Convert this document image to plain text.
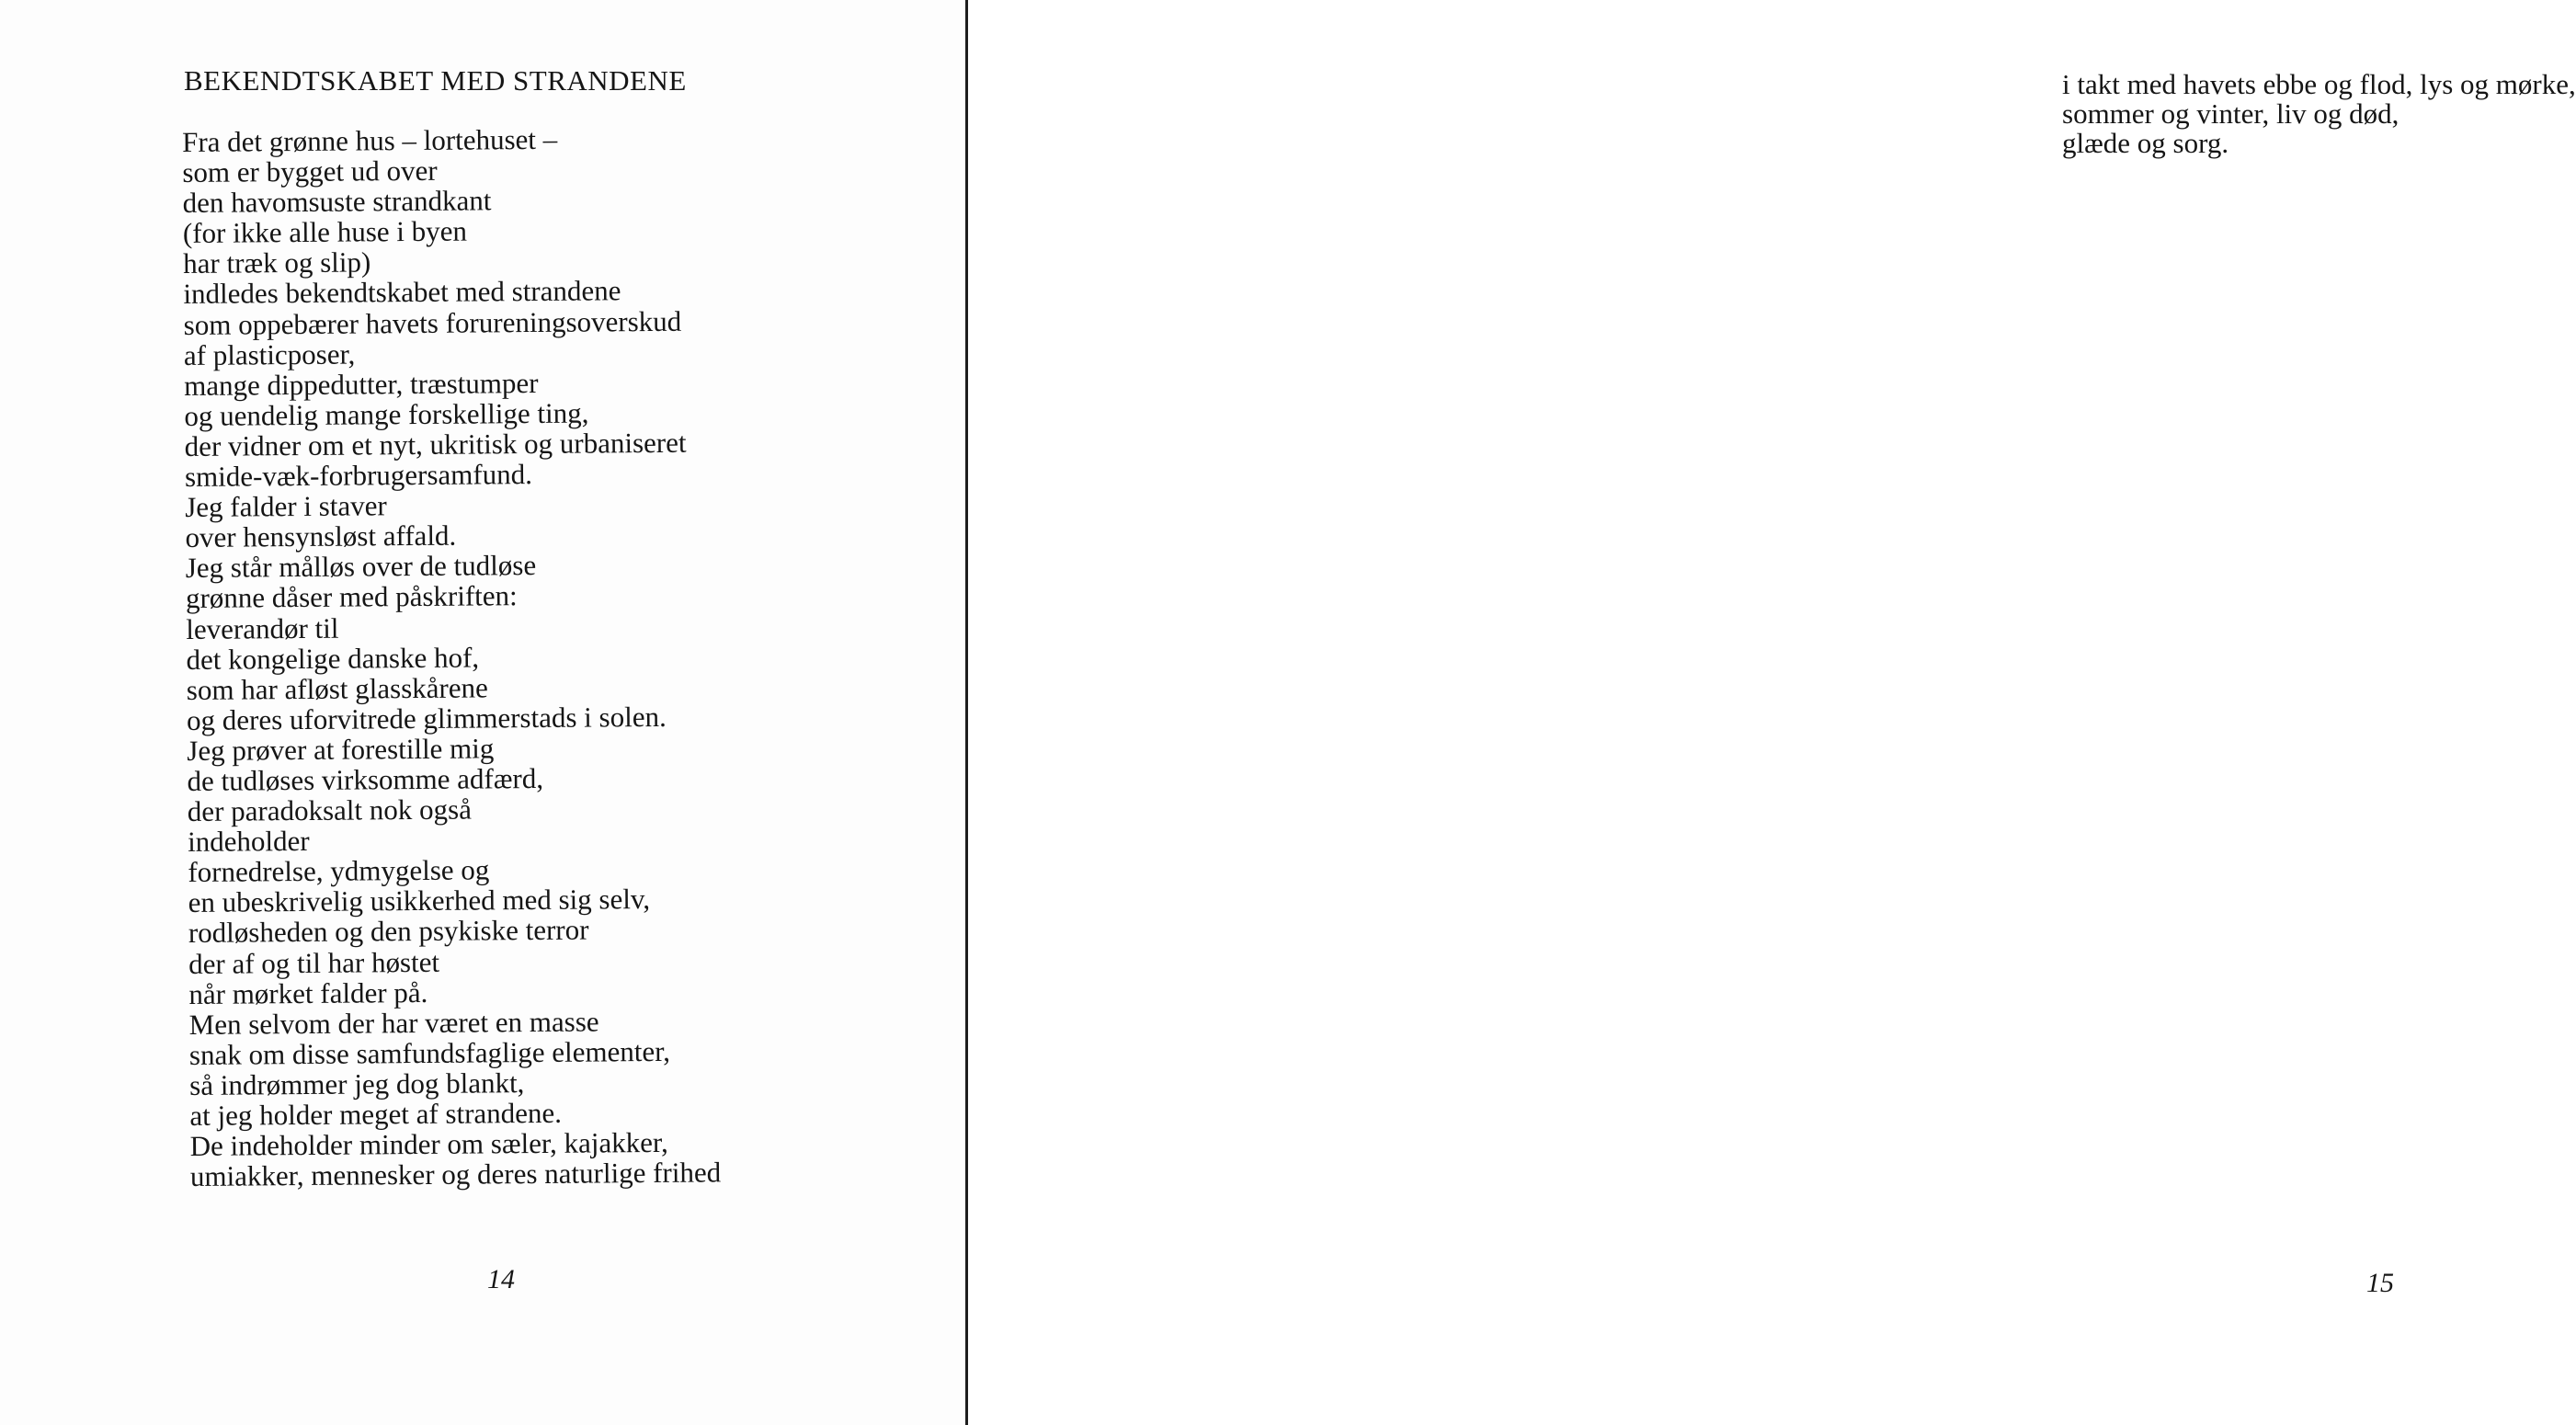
BEKENDTSKABET MED STRANDENE
Fra det grønne hus – lortehuset –
som er bygget ud over
den havomsuste strandkant
(for ikke alle huse i byen
har træk og slip)
indledes bekendtskabet med strandene
som oppebærer havets forureningsoverskud
af plasticposer,
mange dippedutter, træstumper
og uendelig mange forskellige ting,
der vidner om et nyt, ukritisk og urbaniseret
smide-væk-forbrugersamfund.
Jeg falder i staver
over hensynsløst affald.
Jeg står målløs over de tudløse
grønne dåser med påskriften:
leverandør til
det kongelige danske hof,
som har afløst glasskårene
og deres uforvitrede glimmerstads i solen.
Jeg prøver at forestille mig
de tudløses virksomme adfærd,
der paradoksalt nok også
indeholder
fornedrelse, ydmygelse og
en ubeskrivelig usikkerhed med sig selv,
rodløsheden og den psykiske terror
der af og til har høstet
når mørket falder på.
Men selvom der har været en masse
snak om disse samfundsfaglige elementer,
så indrømmer jeg dog blankt,
at jeg holder meget af strandene.
De indeholder minder om sæler, kajakker,
umiakker, mennesker og deres naturlige frihed
14
i takt med havets ebbe og flod, lys og mørke,
sommer og vinter, liv og død,
glæde og sorg.
15
